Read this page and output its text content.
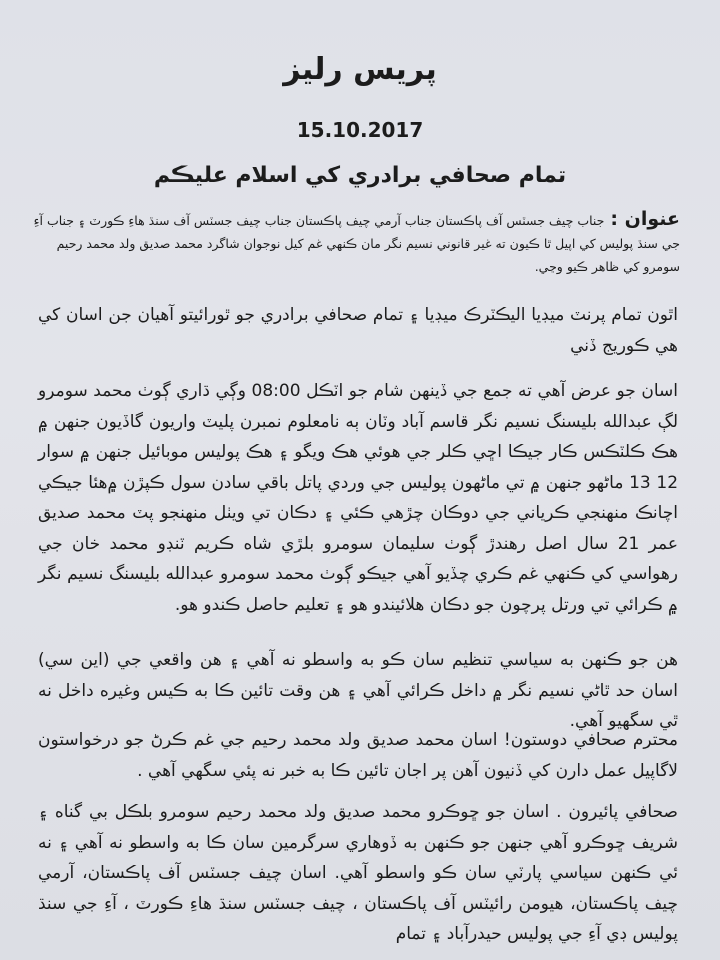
پريس رليز
15.10.2017
تمام صحافي برادري کي اسلام عليڪم
عنوان :جناب چيف جسٽس آف پاڪستان جناب آرمي چيف پاڪستان جناب چيف جسٽس آف سنڌ هاءِ ڪورٽ ۽ جناب آءِ جي سنڌ پوليس کي اپيل ٿا ڪيون ته غير قانوني نسيم نگر مان ڪنهي غم کيل نوجوان شاگرد محمد صديق ولد محمد رحيم سومرو کي ظاهر ڪيو وڃي.
اٿون تمام پرنٽ ميڊيا اليڪٽرڪ ميڊيا ۽ تمام صحافي برادري جو ٿورائيتو آهيان جن اسان کي هي ڪوريج ڏني
اسان جو عرض آهي ته جمع جي ڏينهن شام جو اٽڪل 08:00 وڳي ڌاري ڳوٺ محمد سومرو لڳ عبدالله بليسنگ نسيم نگر قاسم آباد وٽان ٻه نامعلوم نمبرن پليٽ واريون گاڏيون جنهن ۾ هڪ ڪلٽڪس ڪار جيڪا اڇي ڪلر جي هوئي هڪ ويگو ۽ هڪ پوليس موبائيل جنهن ۾ سوار 12 13 ماڻهو جنهن ۾ تي ماڻهون پوليس جي وردي پاتل باقي سادن سول ڪپڙن ۾هئا جيڪي اچانڪ منهنجي ڪرياني جي دوڪان چڙهي ڪئي ۽ دڪان تي ويٺل منهنجو پٽ محمد صديق عمر 21 سال اصل رهندڙ ڳوٺ سليمان سومرو بلڙي شاه ڪريم ٽنڊو محمد خان جي رهواسي کي ڪنهي غم ڪري چڏيو آهي جيڪو ڳوٺ محمد سومرو عبدالله بليسنگ نسيم نگر ۾ ڪرائي تي ورتل پرچون جو دڪان هلائيندو هو ۽ تعليم حاصل ڪندو هو.
هن جو ڪنهن به سياسي تنظيم سان ڪو به واسطو نه آهي ۽ هن واقعي جي (اين سي) اسان حد ٿاڻي نسيم نگر ۾ داخل ڪرائي آهي ۽ هن وقت تائين ڪا به ڪيس وغيره داخل نه ٿي سگهيو آهي.
محترم صحافي دوستون! اسان محمد صديق ولد محمد رحيم جي غم ڪرڻ جو درخواستون لاگاپيل عمل دارن کي ڏنيون آهن پر اجان تائين ڪا به خبر نه پئي سگهي آهي .
صحافي پائيرون . اسان جو ڇوڪرو محمد صديق ولد محمد رحيم سومرو بلڪل بي گناه ۽ شريف ڇوڪرو آهي جنهن جو ڪنهن به ڏوهاري سرگرمين سان ڪا به واسطو نه آهي ۽ نه ئي ڪنهن سياسي پارٽي سان ڪو واسطو آهي. اسان چيف جسٽس آف پاڪستان، آرمي چيف پاڪستان، هيومن رائيٽس آف پاڪستان ، چيف جسٽس سنڌ هاءِ ڪورٽ ، آءِ جي سنڌ پوليس ڊي آءِ جي پوليس حيدرآباد ۽ تمام
